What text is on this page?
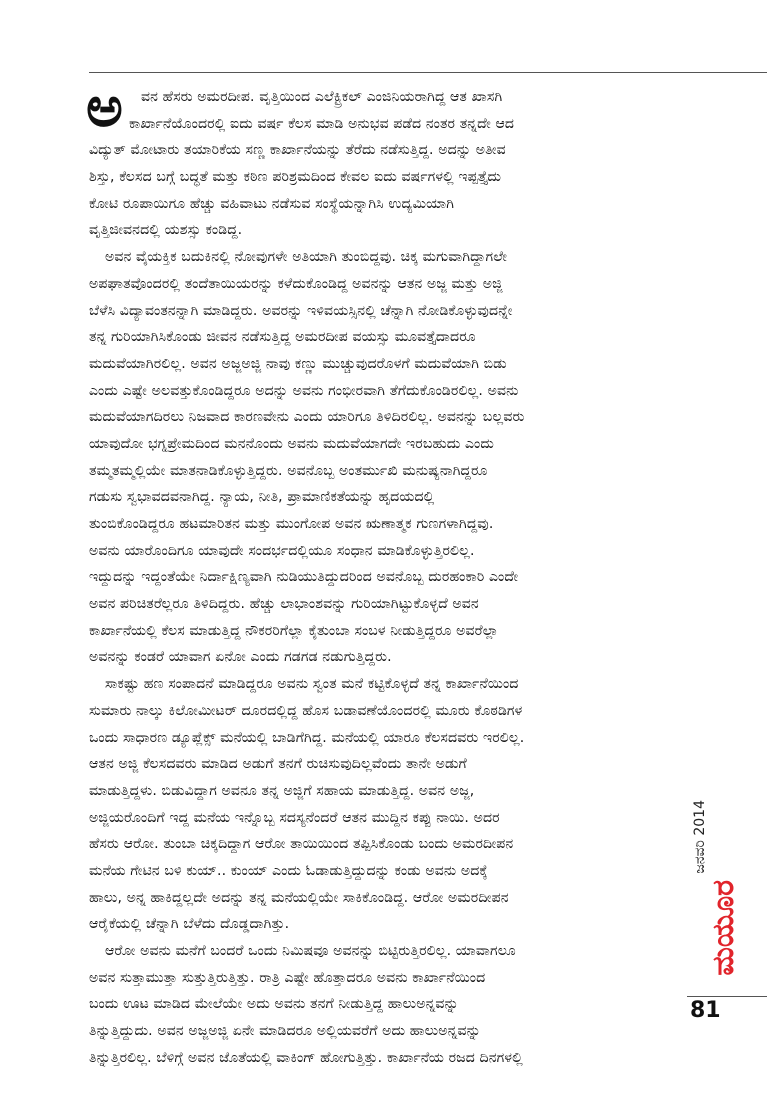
ಅ	ವನ ಹೆಸರು ಅಮರದೀಪ. ವೃತ್ತಿಯಿಂದ ಎಲೆಕ್ಟ್ರಿಕಲ್ ಎಂಜಿನಿಯರಾಗಿದ್ದ ಆತ ಖಾಸಗಿ
ಕಾರ್ಖಾನೆಯೊಂದರಲ್ಲಿ ಐದು ವರ್ಷ ಕೆಲಸ ಮಾಡಿ ಅನುಭವ ಪಡೆದ ನಂತರ ತನ್ನದೇ ಆದ
ವಿದ್ಯುತ್ ಮೋಟಾರು ತಯಾರಿಕೆಯ ಸಣ್ಣ ಕಾರ್ಖಾನೆಯನ್ನು ತೆರೆದು ನಡೆಸುತ್ತಿದ್ದ. ಅದನ್ನು ಅತೀವ
ಶಿಸ್ತು, ಕೆಲಸದ ಬಗ್ಗೆ ಬದ್ಧತೆ ಮತ್ತು ಕಠಿಣ ಪರಿಶ್ರಮದಿಂದ ಕೇವಲ ಐದು ವರ್ಷಗಳಲ್ಲಿ ಇಪ್ಪತ್ತೈದು
ಕೋಟಿ ರೂಪಾಯಿಗೂ ಹೆಚ್ಚು ವಹಿವಾಟು ನಡೆಸುವ ಸಂಸ್ಥೆಯನ್ನಾಗಿಸಿ ಉದ್ಯಮಿಯಾಗಿ
ವೃತ್ತಿಜೀವನದಲ್ಲಿ ಯಶಸ್ಸು ಕಂಡಿದ್ದ.
ಅವನ ವೈಯಕ್ತಿಕ ಬದುಕಿನಲ್ಲಿ ನೋವುಗಳೇ ಅತಿಯಾಗಿ ತುಂಬಿದ್ದವು. ಚಿಕ್ಕ ಮಗುವಾಗಿದ್ದಾಗಲೇ
ಅಪಘಾತವೊಂದರಲ್ಲಿ ತಂದೆತಾಯಿಯರನ್ನು ಕಳೆದುಕೊಂಡಿದ್ದ ಅವನನ್ನು ಆತನ ಅಜ್ಜ ಮತ್ತು ಅಜ್ಜಿ
ಬೆಳೆಸಿ ವಿದ್ಯಾವಂತನನ್ನಾಗಿ ಮಾಡಿದ್ದರು. ಅವರನ್ನು ಇಳಿವಯಸ್ಸಿನಲ್ಲಿ ಚೆನ್ನಾಗಿ ನೋಡಿಕೊಳ್ಳುವುದನ್ನೇ
ತನ್ನ ಗುರಿಯಾಗಿಸಿಕೊಂಡು ಜೀವನ ನಡೆಸುತ್ತಿದ್ದ ಅಮರದೀಪ ವಯಸ್ಸು ಮೂವತ್ತೈದಾದರೂ
ಮದುವೆಯಾಗಿರಲಿಲ್ಲ. ಅವನ ಅಜ್ಜಅಜ್ಜಿ ನಾವು ಕಣ್ಣು ಮುಚ್ಚುವುದರೊಳಗೆ ಮದುವೆಯಾಗಿ ಬಿಡು
ಎಂದು ಎಷ್ಟೇ ಅಲವತ್ತುಕೊಂಡಿದ್ದರೂ ಅದನ್ನು ಅವನು ಗಂಭೀರವಾಗಿ ತೆಗೆದುಕೊಂಡಿರಲಿಲ್ಲ. ಅವನು
ಮದುವೆಯಾಗದಿರಲು ನಿಜವಾದ ಕಾರಣವೇನು ಎಂದು ಯಾರಿಗೂ ತಿಳಿದಿರಲಿಲ್ಲ. ಅವನನ್ನು ಬಲ್ಲವರು
ಯಾವುದೋ ಭಗ್ನಪ್ರೇಮದಿಂದ ಮನನೊಂದು ಅವನು ಮದುವೆಯಾಗದೇ ಇರಬಹುದು ಎಂದು
ತಮ್ಮತಮ್ಮಲ್ಲಿಯೇ ಮಾತನಾಡಿಕೊಳ್ಳುತ್ತಿದ್ದರು. ಅವನೊಬ್ಬ ಅಂತರ್ಮುಖಿ ಮನುಷ್ಯನಾಗಿದ್ದರೂ
ಗಡುಸು ಸ್ವಭಾವದವನಾಗಿದ್ದ. ನ್ಯಾಯ, ನೀತಿ, ಪ್ರಾಮಾಣಿಕತೆಯನ್ನು ಹೃದಯದಲ್ಲಿ
ತುಂಬಿಕೊಂಡಿದ್ದರೂ ಹಟಮಾರಿತನ ಮತ್ತು ಮುಂಗೋಪ ಅವನ ಋಣಾತ್ಮಕ ಗುಣಗಳಾಗಿದ್ದವು.
ಅವನು ಯಾರೊಂದಿಗೂ ಯಾವುದೇ ಸಂದರ್ಭದಲ್ಲಿಯೂ ಸಂಧಾನ ಮಾಡಿಕೊಳ್ಳುತ್ತಿರಲಿಲ್ಲ.
ಇದ್ದುದನ್ನು ಇದ್ದಂತೆಯೇ ನಿರ್ದಾಕ್ಷಿಣ್ಯವಾಗಿ ನುಡಿಯುತಿದ್ದುದರಿಂದ ಅವನೊಬ್ಬ ದುರಹಂಕಾರಿ ಎಂದೇ
ಅವನ ಪರಿಚಿತರೆಲ್ಲರೂ ತಿಳಿದಿದ್ದರು. ಹೆಚ್ಚು ಲಾಭಾಂಶವನ್ನು ಗುರಿಯಾಗಿಟ್ಟುಕೊಳ್ಳದೆ ಅವನ
ಕಾರ್ಖಾನೆಯಲ್ಲಿ ಕೆಲಸ ಮಾಡುತ್ತಿದ್ದ ನೌಕರರಿಗೆಲ್ಲಾ ಕೈತುಂಬಾ ಸಂಬಳ ನೀಡುತ್ತಿದ್ದರೂ ಅವರೆಲ್ಲಾ
ಅವನನ್ನು ಕಂಡರೆ ಯಾವಾಗ ಏನೋ ಎಂದು ಗಡಗಡ ನಡುಗುತ್ತಿದ್ದರು.
ಸಾಕಷ್ಟು ಹಣ ಸಂಪಾದನೆ ಮಾಡಿದ್ದರೂ ಅವನು ಸ್ವಂತ ಮನೆ ಕಟ್ಟಿಕೊಳ್ಳದೆ ತನ್ನ ಕಾರ್ಖಾನೆಯಿಂದ
ಸುಮಾರು ನಾಲ್ಕು ಕಿಲೋಮೀಟರ್ ದೂರದಲ್ಲಿದ್ದ ಹೊಸ ಬಡಾವಣೆಯೊಂದರಲ್ಲಿ ಮೂರು ಕೊಠಡಿಗಳ
ಒಂದು ಸಾಧಾರಣ ಡ್ಯೂಪ್ಲೆಕ್ಸ್ ಮನೆಯಲ್ಲಿ ಬಾಡಿಗೆಗಿದ್ದ. ಮನೆಯಲ್ಲಿ ಯಾರೂ ಕೆಲಸದವರು ಇರಲಿಲ್ಲ.
ಆತನ ಅಜ್ಜಿ ಕೆಲಸದವರು ಮಾಡಿದ ಅಡುಗೆ ತನಗೆ ರುಚಿಸುವುದಿಲ್ಲವೆಂದು ತಾನೇ ಅಡುಗೆ
ಮಾಡುತ್ತಿದ್ದಳು. ಬಿಡುವಿದ್ದಾಗ ಅವನೂ ತನ್ನ ಅಜ್ಜಿಗೆ ಸಹಾಯ ಮಾಡುತ್ತಿದ್ದ. ಅವನ ಅಜ್ಜ,
ಅಜ್ಜಿಯರೊಂದಿಗೆ ಇದ್ದ ಮನೆಯ ಇನ್ನೊಬ್ಬ ಸದಸ್ಯನೆಂದರೆ ಆತನ ಮುದ್ದಿನ ಕಪ್ಪು ನಾಯಿ. ಅದರ
ಹೆಸರು ಆರೋ. ತುಂಬಾ ಚಿಕ್ಕದಿದ್ದಾಗ ಆರೋ ತಾಯಿಯಿಂದ ತಪ್ಪಿಸಿಕೊಂಡು ಬಂದು ಅಮರದೀಪನ
ಮನೆಯ ಗೇಟಿನ ಬಳಿ ಕುಯ್.. ಕುಂಯ್ ಎಂದು ಓಡಾಡುತ್ತಿದ್ದುದನ್ನು ಕಂಡು ಅವನು ಅದಕ್ಕೆ
ಹಾಲು, ಅನ್ನ ಹಾಕಿದ್ದಲ್ಲದೇ ಅದನ್ನು ತನ್ನ ಮನೆಯಲ್ಲಿಯೇ ಸಾಕಿಕೊಂಡಿದ್ದ. ಆರೋ ಅಮರದೀಪನ
ಆರೈಕೆಯಲ್ಲಿ ಚೆನ್ನಾಗಿ ಬೆಳೆದು ದೊಡ್ಡದಾಗಿತ್ತು.
ಆರೋ ಅವನು ಮನೆಗೆ ಬಂದರೆ ಒಂದು ನಿಮಿಷವೂ ಅವನನ್ನು ಬಿಟ್ಟಿರುತ್ತಿರಲಿಲ್ಲ. ಯಾವಾಗಲೂ
ಅವನ ಸುತ್ತಾಮುತ್ತಾ ಸುತ್ತುತ್ತಿರುತ್ತಿತ್ತು. ರಾತ್ರಿ ಎಷ್ಟೇ ಹೊತ್ತಾದರೂ ಅವನು ಕಾರ್ಖಾನೆಯಿಂದ
ಬಂದು ಊಟ ಮಾಡಿದ ಮೇಲೆಯೇ ಅದು ಅವನು ತನಗೆ ನೀಡುತ್ತಿದ್ದ ಹಾಲುಅನ್ನವನ್ನು
ತಿನ್ನುತ್ತಿದ್ದುದು. ಅವನ ಅಜ್ಜಅಜ್ಜಿ ಏನೇ ಮಾಡಿದರೂ ಅಲ್ಲಿಯವರೆಗೆ ಅದು ಹಾಲುಅನ್ನವನ್ನು
ತಿನ್ನುತ್ತಿರಲಿಲ್ಲ. ಬೆಳಿಗ್ಗೆ ಅವನ ಜೊತೆಯಲ್ಲಿ ವಾಕಿಂಗ್ ಹೋಗುತ್ತಿತ್ತು. ಕಾರ್ಖಾನೆಯ ರಜದ ದಿನಗಳಲ್ಲಿ
ಜನವರಿ 2014
ಮಯೂರ
81
